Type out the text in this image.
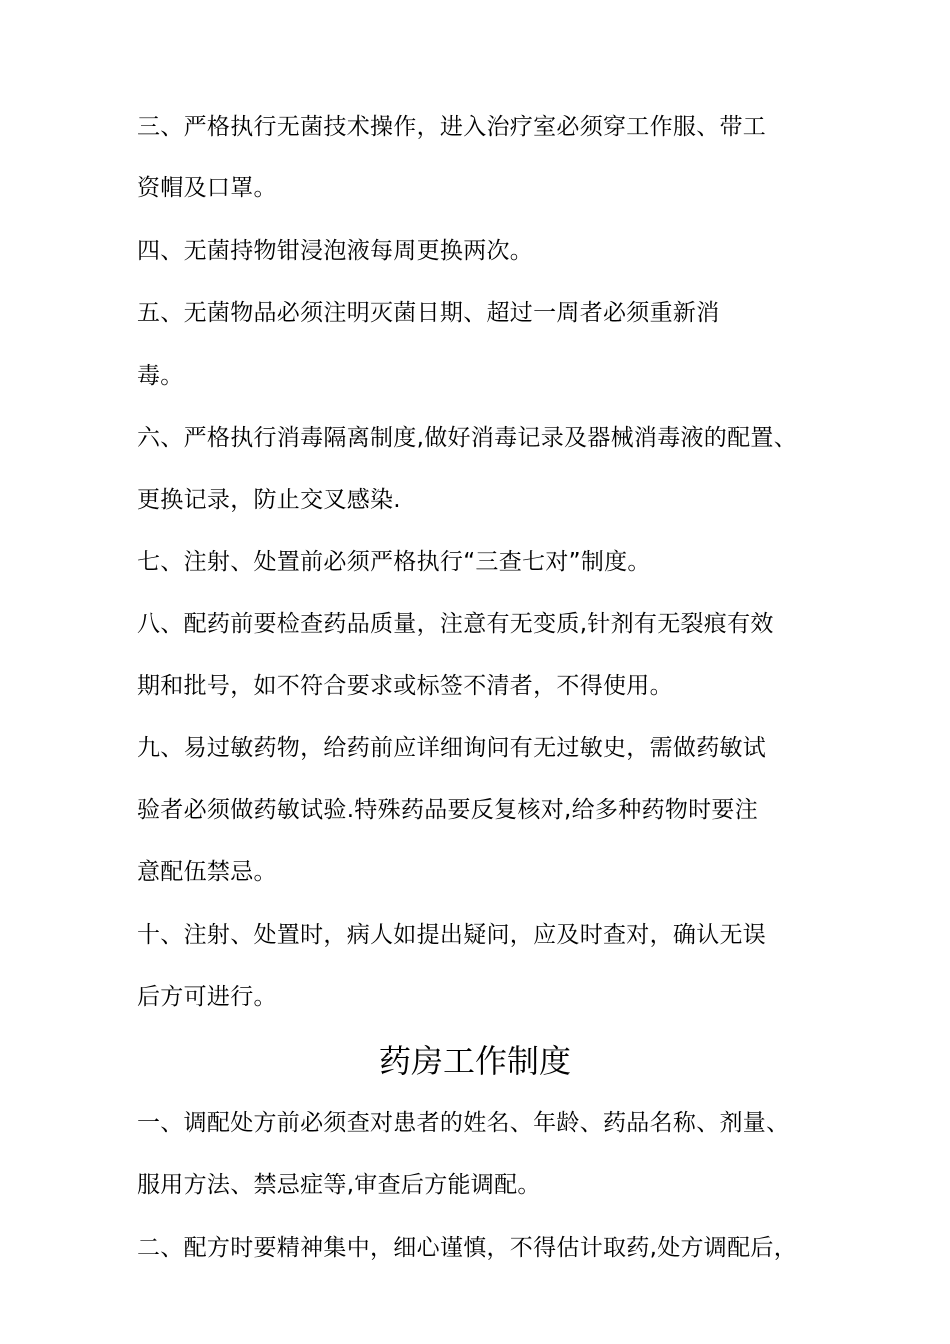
三、严格执行无菌技术操作，进入治疗室必须穿工作服、带工
资帽及口罩。
四、无菌持物钳浸泡液每周更换两次。
五、无菌物品必须注明灭菌日期、超过一周者必须重新消
毒。
六、严格执行消毒隔离制度,做好消毒记录及器械消毒液的配置、
更换记录，防止交叉感染.
七、注射、处置前必须严格执行“三查七对”制度。
八、配药前要检查药品质量，注意有无变质,针剂有无裂痕有效
期和批号，如不符合要求或标签不清者，不得使用。
九、易过敏药物，给药前应详细询问有无过敏史，需做药敏试
验者必须做药敏试验.特殊药品要反复核对,给多种药物时要注
意配伍禁忌。
十、注射、处置时，病人如提出疑问，应及时查对，确认无误
后方可进行。
药房工作制度
一、调配处方前必须查对患者的姓名、年龄、药品名称、剂量、
服用方法、禁忌症等,审查后方能调配。
二、配方时要精神集中，细心谨慎，不得估计取药,处方调配后，
